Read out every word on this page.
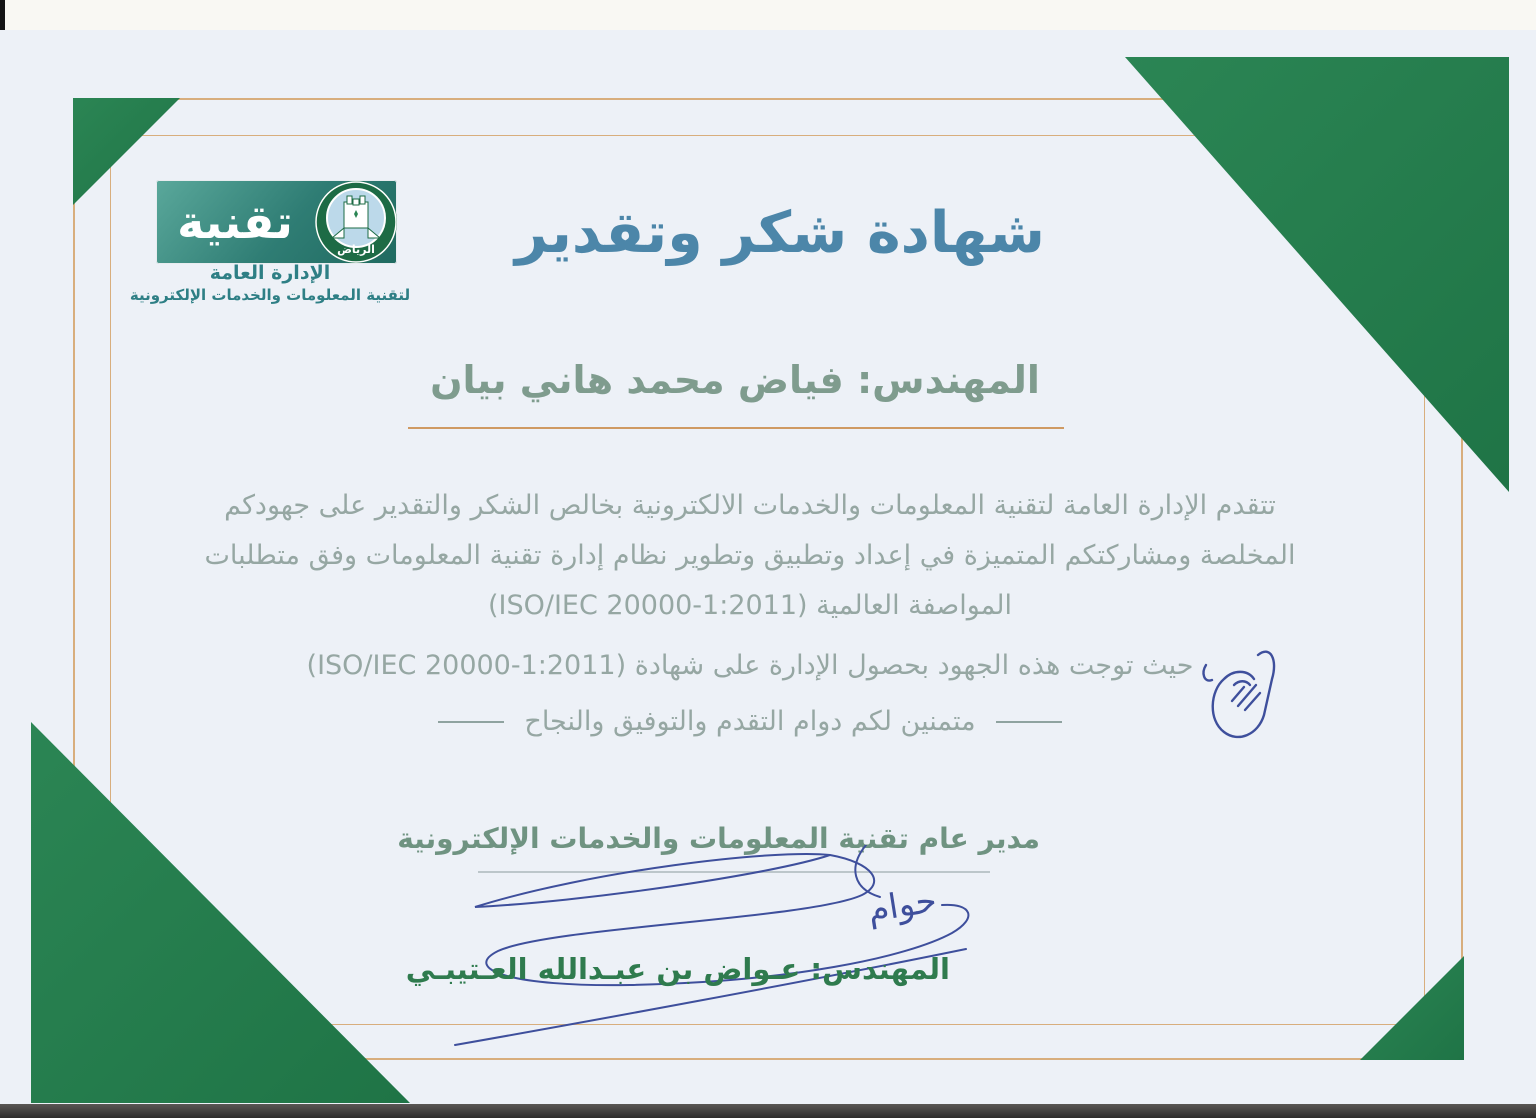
تقنية
الرياض
الإدارة العامة
لتقنية المعلومات والخدمات الإلكترونية
شهادة شكر وتقدير
المهندس: فياض محمد هاني بيان
تتقدم الإدارة العامة لتقنية المعلومات والخدمات الالكترونية بخالص الشكر والتقدير على جهودكم
المخلصة ومشاركتكم المتميزة في إعداد وتطبيق وتطوير نظام إدارة تقنية المعلومات وفق متطلبات
المواصفة العالمية (ISO/IEC 20000-1:2011)
حيث توجت هذه الجهود بحصول الإدارة على شهادة (ISO/IEC 20000-1:2011)
متمنين لكم دوام التقدم والتوفيق والنجاح
مدير عام تقنية المعلومات والخدمات الإلكترونية
حوام
المهندس: عـواض بن عبـدالله العـتيبـي
